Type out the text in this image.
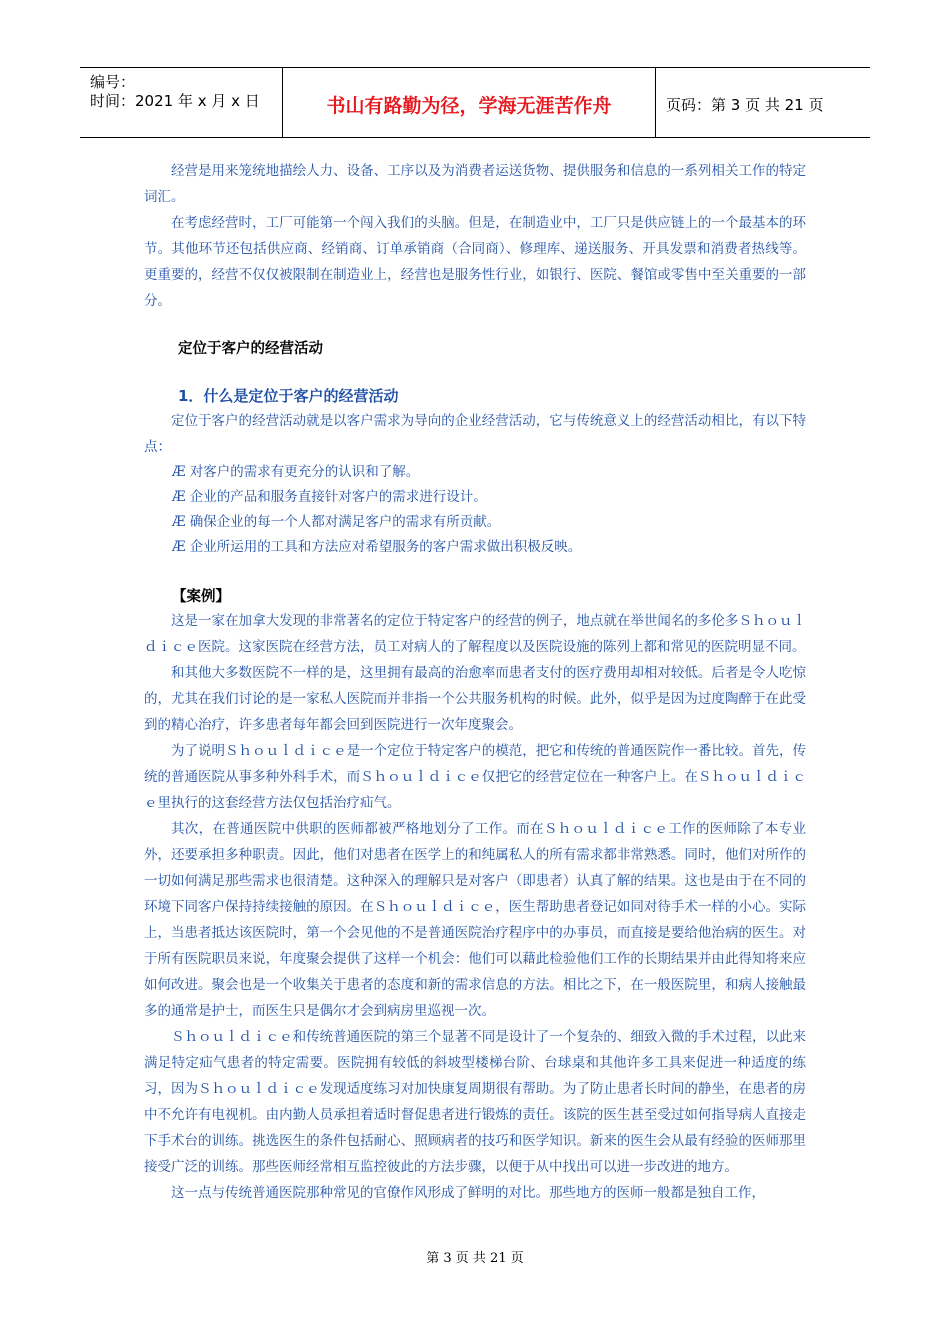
编号：
时间：2021 年 x 月 x 日	书山有路勤为径，学海无涯苦作舟	页码：第 3 页 共 21 页

经营是用来笼统地描绘人力、设备、工序以及为消费者运送货物、提供服务和信息的一系列相关工作的特定词汇。

在考虑经营时，工厂可能第一个闯入我们的头脑。但是，在制造业中，工厂只是供应链上的一个最基本的环节。其他环节还包括供应商、经销商、订单承销商（合同商）、修理库、递送服务、开具发票和消费者热线等。更重要的，经营不仅仅被限制在制造业上，经营也是服务性行业，如银行、医院、餐馆或零售中至关重要的一部分。

定位于客户的经营活动
1．什么是定位于客户的经营活动

定位于客户的经营活动就是以客户需求为导向的企业经营活动，它与传统意义上的经营活动相比，有以下特点：

Æ 对客户的需求有更充分的认识和了解。

Æ 企业的产品和服务直接针对客户的需求进行设计。

Æ 确保企业的每一个人都对满足客户的需求有所贡献。

Æ 企业所运用的工具和方法应对希望服务的客户需求做出积极反映。

【案例】

这是一家在加拿大发现的非常著名的定位于特定客户的经营的例子，地点就在举世闻名的多伦多Ｓｈｏｕｌｄｉｃｅ医院。这家医院在经营方法，员工对病人的了解程度以及医院设施的陈列上都和常见的医院明显不同。

和其他大多数医院不一样的是，这里拥有最高的治愈率而患者支付的医疗费用却相对较低。后者是令人吃惊的，尤其在我们讨论的是一家私人医院而并非指一个公共服务机构的时候。此外，似乎是因为过度陶醉于在此受到的精心治疗，许多患者每年都会回到医院进行一次年度聚会。

为了说明Ｓｈｏｕｌｄｉｃｅ是一个定位于特定客户的模范，把它和传统的普通医院作一番比较。首先，传统的普通医院从事多种外科手术，而Ｓｈｏｕｌｄｉｃｅ仅把它的经营定位在一种客户上。在Ｓｈｏｕｌｄｉｃｅ里执行的这套经营方法仅包括治疗疝气。

其次，在普通医院中供职的医师都被严格地划分了工作。而在Ｓｈｏｕｌｄｉｃｅ工作的医师除了本专业外，还要承担多种职责。因此，他们对患者在医学上的和纯属私人的所有需求都非常熟悉。同时，他们对所作的一切如何满足那些需求也很清楚。这种深入的理解只是对客户（即患者）认真了解的结果。这也是由于在不同的环境下同客户保持持续接触的原因。在Ｓｈｏｕｌｄｉｃｅ，医生帮助患者登记如同对待手术一样的小心。实际上，当患者抵达该医院时，第一个会见他的不是普通医院治疗程序中的办事员，而直接是要给他治病的医生。对于所有医院职员来说，年度聚会提供了这样一个机会：他们可以藉此检验他们工作的长期结果并由此得知将来应如何改进。聚会也是一个收集关于患者的态度和新的需求信息的方法。相比之下，在一般医院里，和病人接触最多的通常是护士，而医生只是偶尔才会到病房里巡视一次。

Ｓｈｏｕｌｄｉｃｅ和传统普通医院的第三个显著不同是设计了一个复杂的、细致入微的手术过程，以此来满足特定疝气患者的特定需要。医院拥有较低的斜坡型楼梯台阶、台球桌和其他许多工具来促进一种适度的练习，因为Ｓｈｏｕｌｄｉｃｅ发现适度练习对加快康复周期很有帮助。为了防止患者长时间的静坐，在患者的房中不允许有电视机。由内勤人员承担着适时督促患者进行锻炼的责任。该院的医生甚至受过如何指导病人直接走下手术台的训练。挑选医生的条件包括耐心、照顾病者的技巧和医学知识。新来的医生会从最有经验的医师那里接受广泛的训练。那些医师经常相互监控彼此的方法步骤，以便于从中找出可以进一步改进的地方。

这一点与传统普通医院那种常见的官僚作风形成了鲜明的对比。那些地方的医师一般都是独自工作，

第 3 页 共 21 页
